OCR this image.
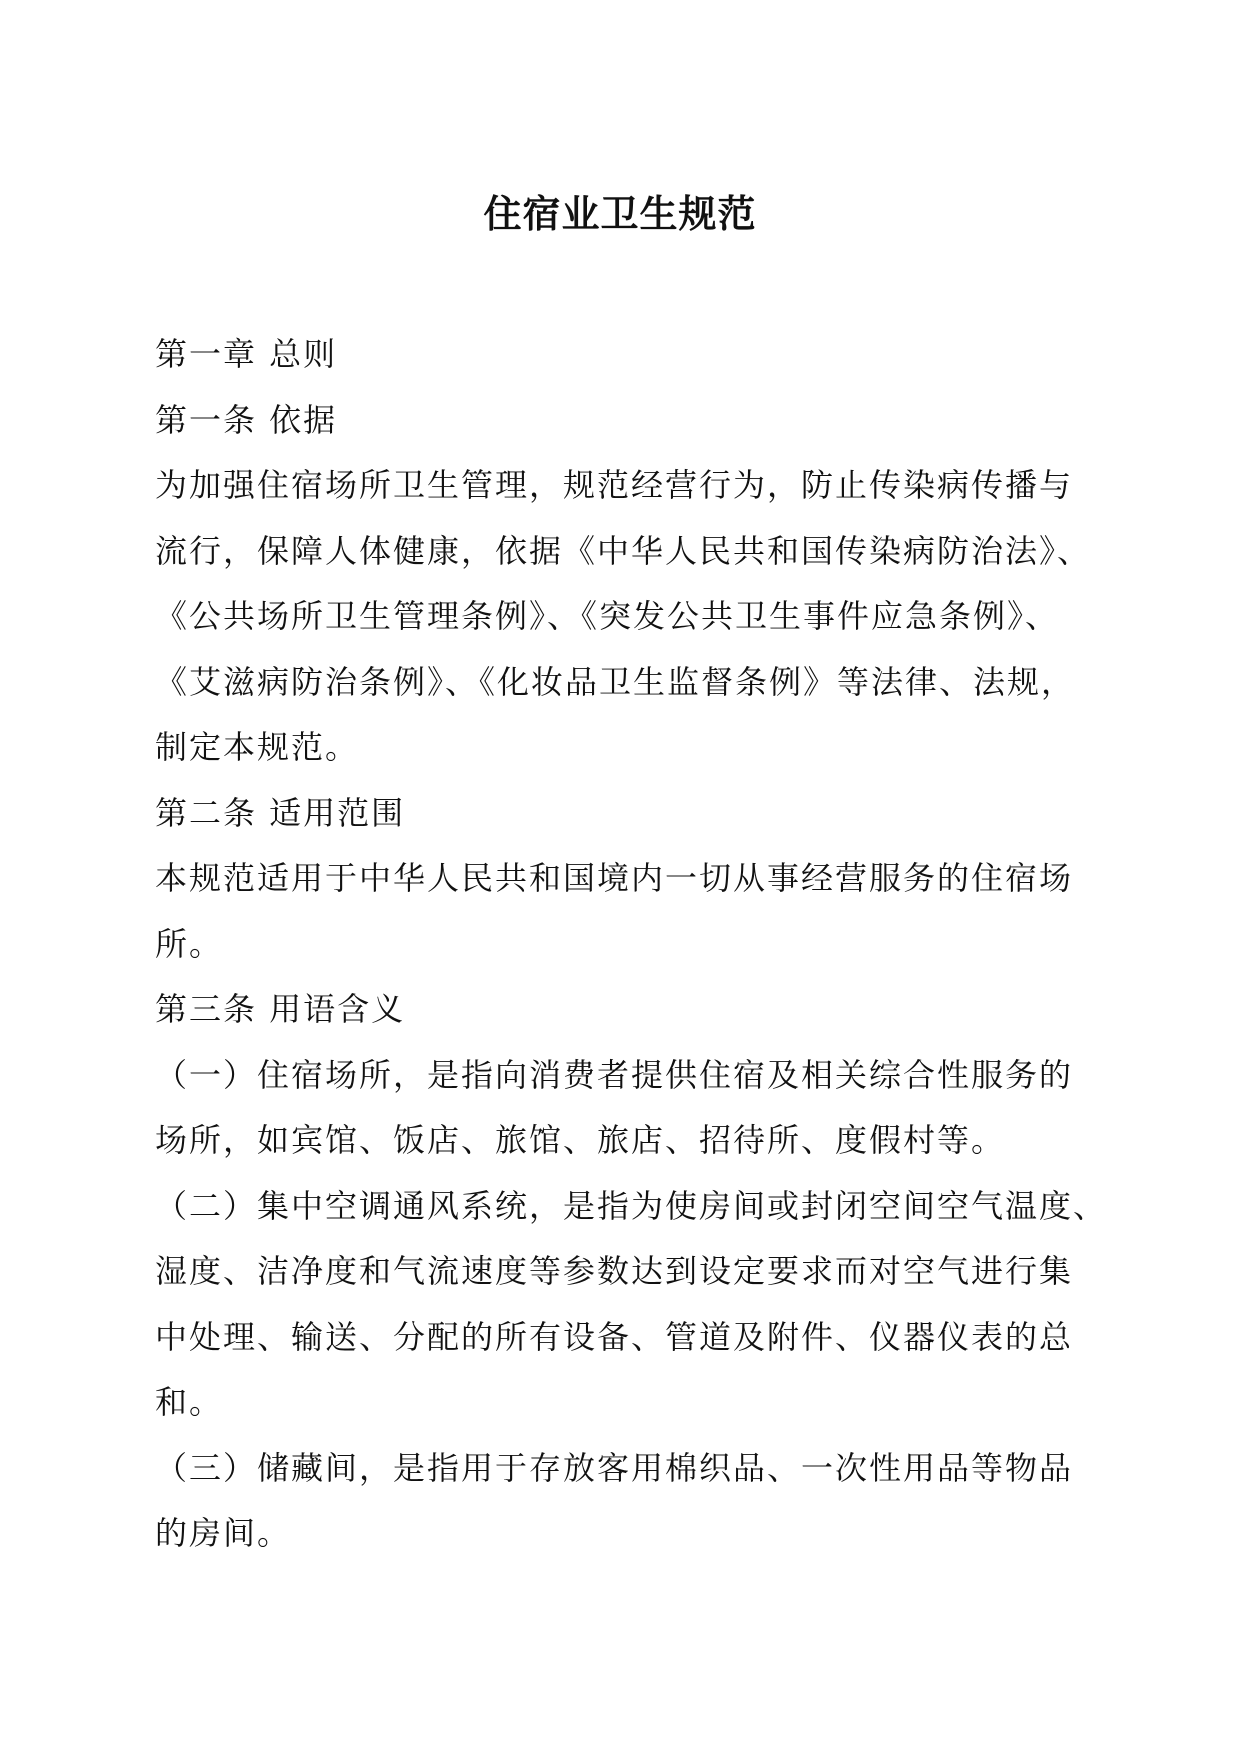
住宿业卫生规范
第一章 总则
第一条 依据
为加强住宿场所卫生管理，规范经营行为，防止传染病传播与
流行，保障人体健康，依据《中华人民共和国传染病防治法》、
《公共场所卫生管理条例》、《突发公共卫生事件应急条例》、
《艾滋病防治条例》、《化妆品卫生监督条例》等法律、法规，
制定本规范。
第二条 适用范围
本规范适用于中华人民共和国境内一切从事经营服务的住宿场
所。
第三条 用语含义
（一）住宿场所，是指向消费者提供住宿及相关综合性服务的
场所，如宾馆、饭店、旅馆、旅店、招待所、度假村等。
（二）集中空调通风系统，是指为使房间或封闭空间空气温度、
湿度、洁净度和气流速度等参数达到设定要求而对空气进行集
中处理、输送、分配的所有设备、管道及附件、仪器仪表的总
和。
（三）储藏间，是指用于存放客用棉织品、一次性用品等物品
的房间。
